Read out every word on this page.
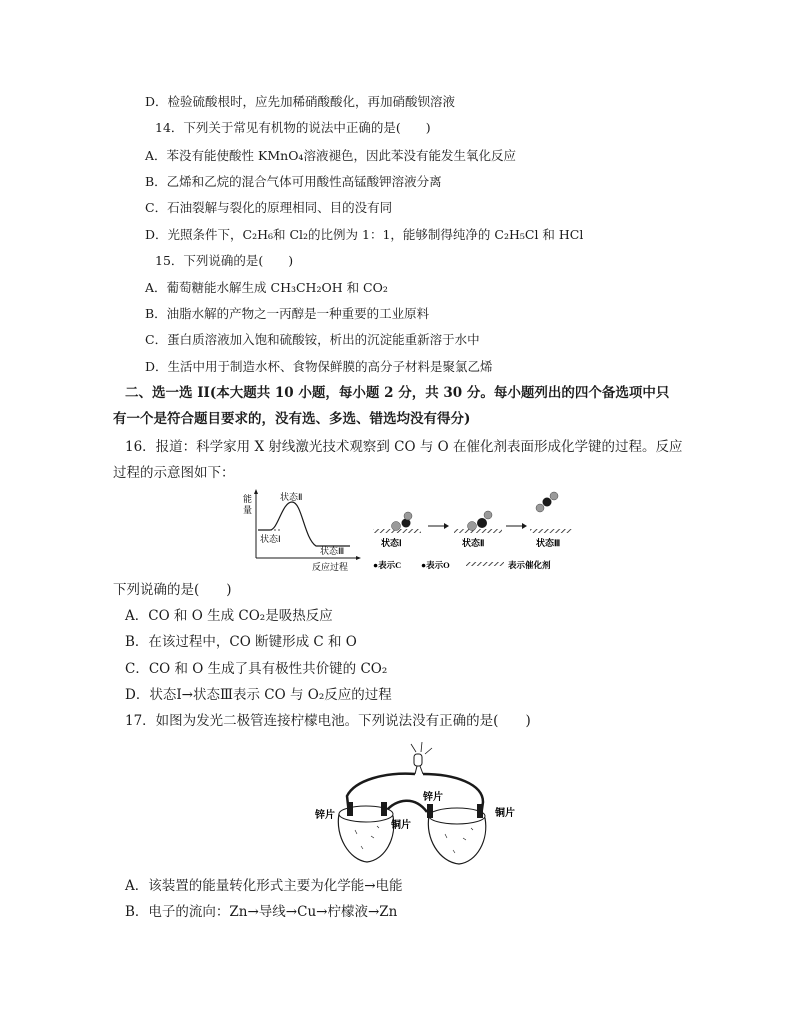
D．检验硫酸根时，应先加稀硝酸酸化，再加硝酸钡溶液
14．下列关于常见有机物的说法中正确的是(　　)
A．苯没有能使酸性 KMnO₄溶液褪色，因此苯没有能发生氧化反应
B．乙烯和乙烷的混合气体可用酸性高锰酸钾溶液分离
C．石油裂解与裂化的原理相同、目的没有同
D．光照条件下，C₂H₆和 Cl₂的比例为 1：1，能够制得纯净的 C₂H₅Cl 和 HCl
15．下列说确的是(　　)
A．葡萄糖能水解生成 CH₃CH₂OH 和 CO₂
B．油脂水解的产物之一丙醇是一种重要的工业原料
C．蛋白质溶液加入饱和硫酸铵，析出的沉淀能重新溶于水中
D．生活中用于制造水杯、食物保鲜膜的高分子材料是聚氯乙烯
二、选一选 II(本大题共 10 小题，每小题 2 分，共 30 分。每小题列出的四个备选项中只
有一个是符合题目要求的，没有选、多选、错选均没有得分)
16．报道：科学家用 X 射线激光技术观察到 CO 与 O 在催化剂表面形成化学键的过程。反应
过程的示意图如下：
能
量
状态Ⅱ
状态Ⅰ
状态Ⅲ
反应过程
状态Ⅰ	状态Ⅱ	状态Ⅲ
●表示C ●表示O	表示催化剂
下列说确的是(　　)
A．CO 和 O 生成 CO₂是吸热反应
B．在该过程中，CO 断键形成 C 和 O
C．CO 和 O 生成了具有极性共价键的 CO₂
D．状态Ⅰ→状态Ⅲ表示 CO 与 O₂反应的过程
17．如图为发光二极管连接柠檬电池。下列说法没有正确的是(　　)
锌片
铜片
锌片
铜片
A．该装置的能量转化形式主要为化学能→电能
B．电子的流向：Zn→导线→Cu→柠檬液→Zn
